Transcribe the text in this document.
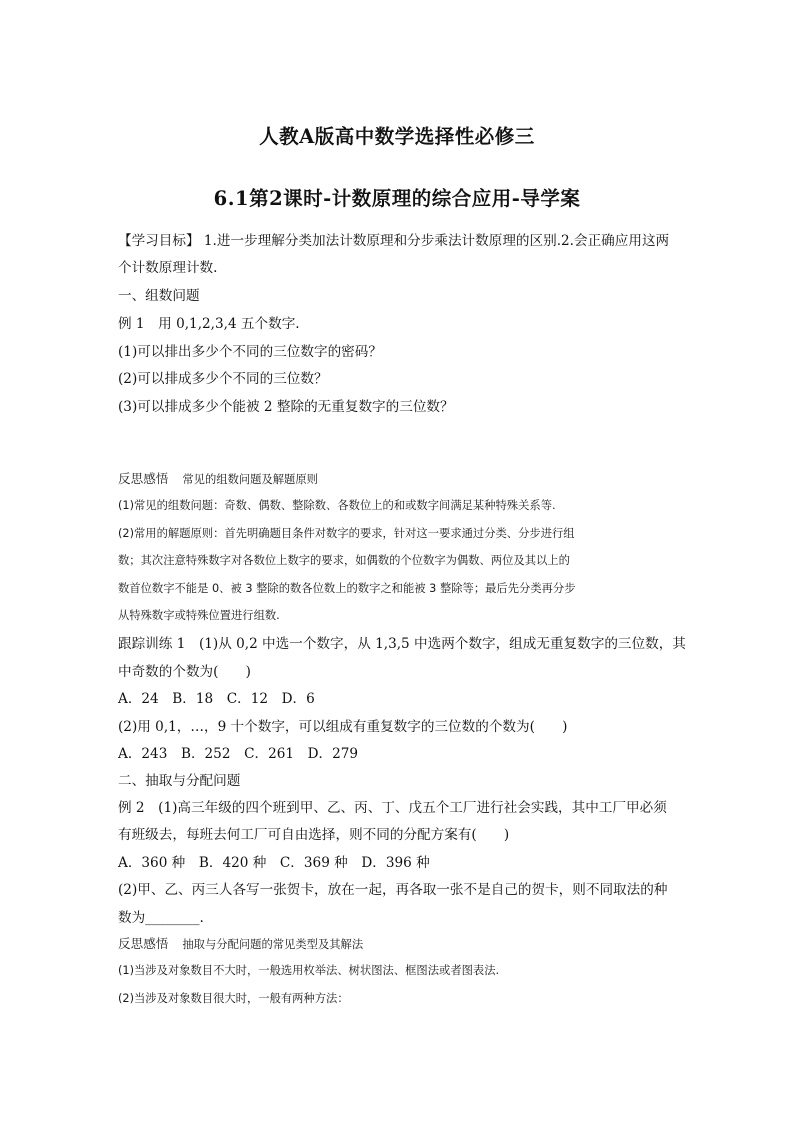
人教A版高中数学选择性必修三
6.1第2课时-计数原理的综合应用-导学案
【学习目标】 1.进一步理解分类加法计数原理和分步乘法计数原理的区别.2.会正确应用这两
个计数原理计数.
一、组数问题
例 1　用 0,1,2,3,4 五个数字.
(1)可以排出多少个不同的三位数字的密码？
(2)可以排成多少个不同的三位数？
(3)可以排成多少个能被 2 整除的无重复数字的三位数？
反思感悟 常见的组数问题及解题原则
(1)常见的组数问题：奇数、偶数、整除数、各数位上的和或数字间满足某种特殊关系等.
(2)常用的解题原则：首先明确题目条件对数字的要求，针对这一要求通过分类、分步进行组
数；其次注意特殊数字对各数位上数字的要求，如偶数的个位数字为偶数、两位及其以上的
数首位数字不能是 0、被 3 整除的数各位数上的数字之和能被 3 整除等；最后先分类再分步
从特殊数字或特殊位置进行组数.
跟踪训练 1　(1)从 0,2 中选一个数字，从 1,3,5 中选两个数字，组成无重复数字的三位数，其
中奇数的个数为(　　)
A．24　B．18　C．12　D．6
(2)用 0,1，…，9 十个数字，可以组成有重复数字的三位数的个数为(　　)
A．243　B．252　C．261　D．279
二、抽取与分配问题
例 2　(1)高三年级的四个班到甲、乙、丙、丁、戊五个工厂进行社会实践，其中工厂甲必须
有班级去，每班去何工厂可自由选择，则不同的分配方案有(　　)
A．360 种　B．420 种　C．369 种　D．396 种
(2)甲、乙、丙三人各写一张贺卡，放在一起，再各取一张不是自己的贺卡，则不同取法的种
数为________.
反思感悟 抽取与分配问题的常见类型及其解法
(1)当涉及对象数目不大时，一般选用枚举法、树状图法、框图法或者图表法.
(2)当涉及对象数目很大时，一般有两种方法：
